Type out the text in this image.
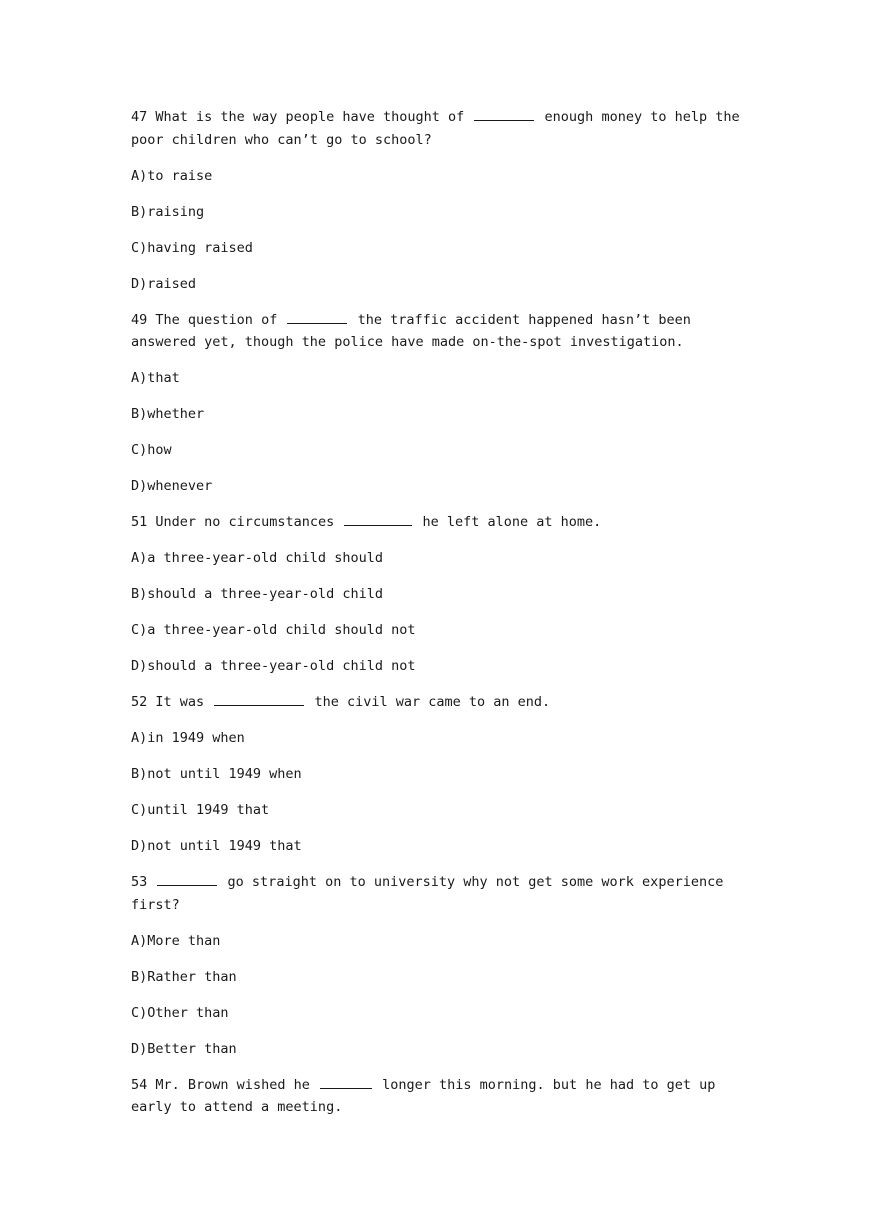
47 What is the way people have thought of	enough money to help the poor children who can’t go to school?

A)to raise

B)raising

C)having raised

D)raised

49 The question of	the traffic accident happened hasn’t been answered yet, though the police have made on-the-spot investigation.

A)that

B)whether

C)how

D)whenever

51 Under no circumstances	he left alone at home.

A)a three-year-old child should

B)should a three-year-old child

C)a three-year-old child should not

D)should a three-year-old child not

52 It was	the civil war came to an end.

A)in 1949 when

B)not until 1949 when

C)until 1949 that

D)not until 1949 that

53	go straight on to university why not get some work experience first?

A)More than

B)Rather than

C)Other than

D)Better than

54 Mr. Brown wished he	longer this morning. but he had to get up early to attend a meeting.
